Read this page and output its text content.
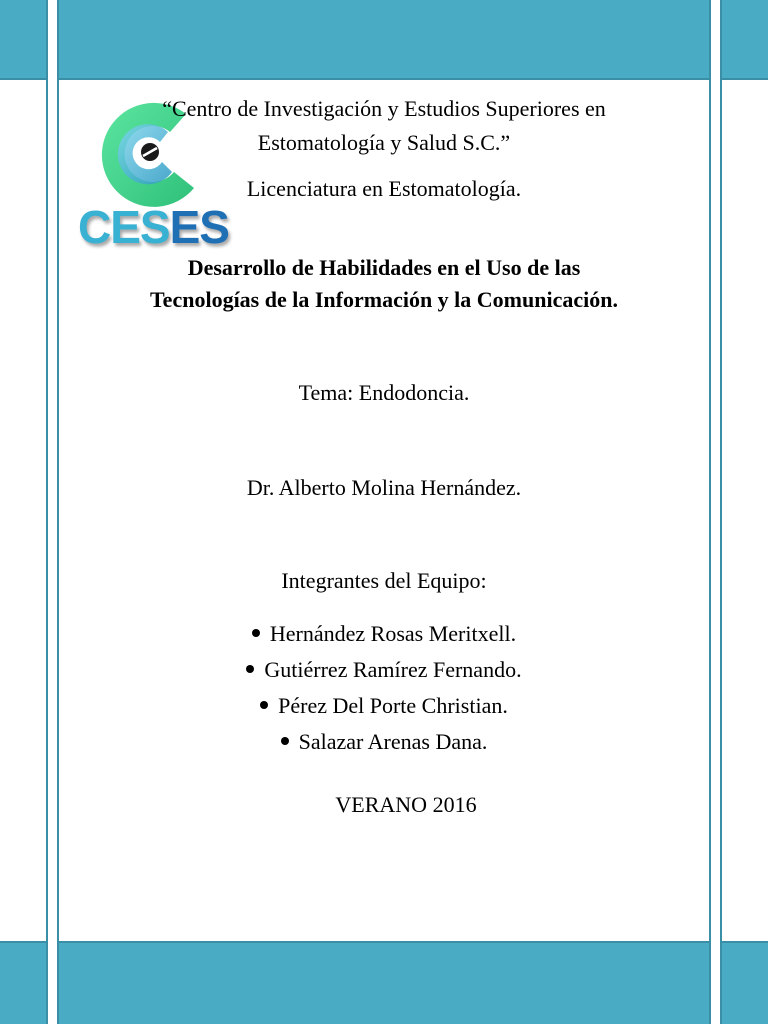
CESES
“Centro de Investigación y Estudios Superiores en
Estomatología y Salud S.C.”
Licenciatura en Estomatología.
Desarrollo de Habilidades en el Uso de las
Tecnologías de la Información y la Comunicación.
Tema: Endodoncia.
Dr. Alberto Molina Hernández.
Integrantes del Equipo:
Hernández Rosas Meritxell.
Gutiérrez Ramírez Fernando.
Pérez Del Porte Christian.
Salazar Arenas Dana.
VERANO 2016
